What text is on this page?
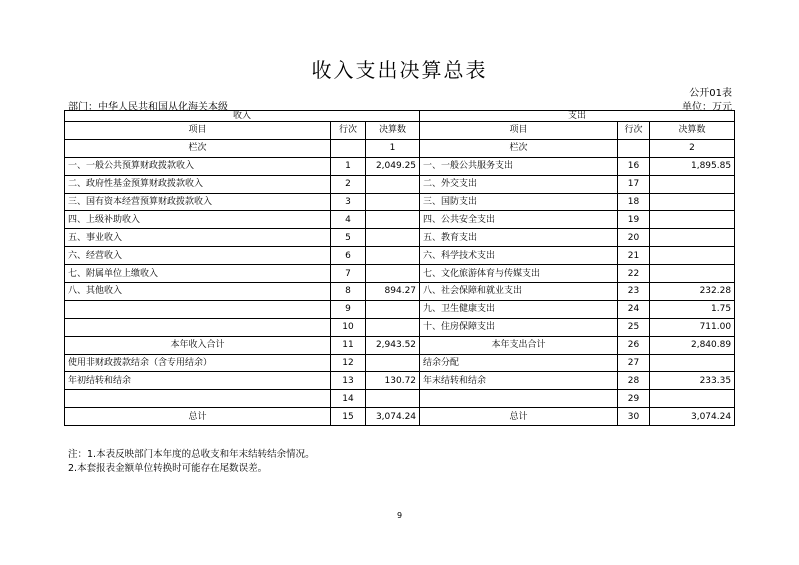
收入支出决算总表
公开01表
部门：中华人民共和国从化海关本级	单位：万元
收入			支出		
项目	行次	决算数	项目	行次	决算数
栏次		1	栏次		2
一、一般公共预算财政拨款收入	1	2,049.25	一、一般公共服务支出	16	1,895.85
二、政府性基金预算财政拨款收入	2		二、外交支出	17	
三、国有资本经营预算财政拨款收入	3		三、国防支出	18	
四、上级补助收入	4		四、公共安全支出	19	
五、事业收入	5		五、教育支出	20	
六、经营收入	6		六、科学技术支出	21	
七、附属单位上缴收入	7		七、文化旅游体育与传媒支出	22	
八、其他收入	8	894.27	八、社会保障和就业支出	23	232.28
	9		九、卫生健康支出	24	1.75
	10		十、住房保障支出	25	711.00
本年收入合计	11	2,943.52	本年支出合计	26	2,840.89
使用非财政拨款结余（含专用结余）	12		结余分配	27	
年初结转和结余	13	130.72	年末结转和结余	28	233.35
	14			29	
总计	15	3,074.24	总计	30	3,074.24
注：1.本表反映部门本年度的总收支和年末结转结余情况。
2.本套报表金额单位转换时可能存在尾数误差。
9
